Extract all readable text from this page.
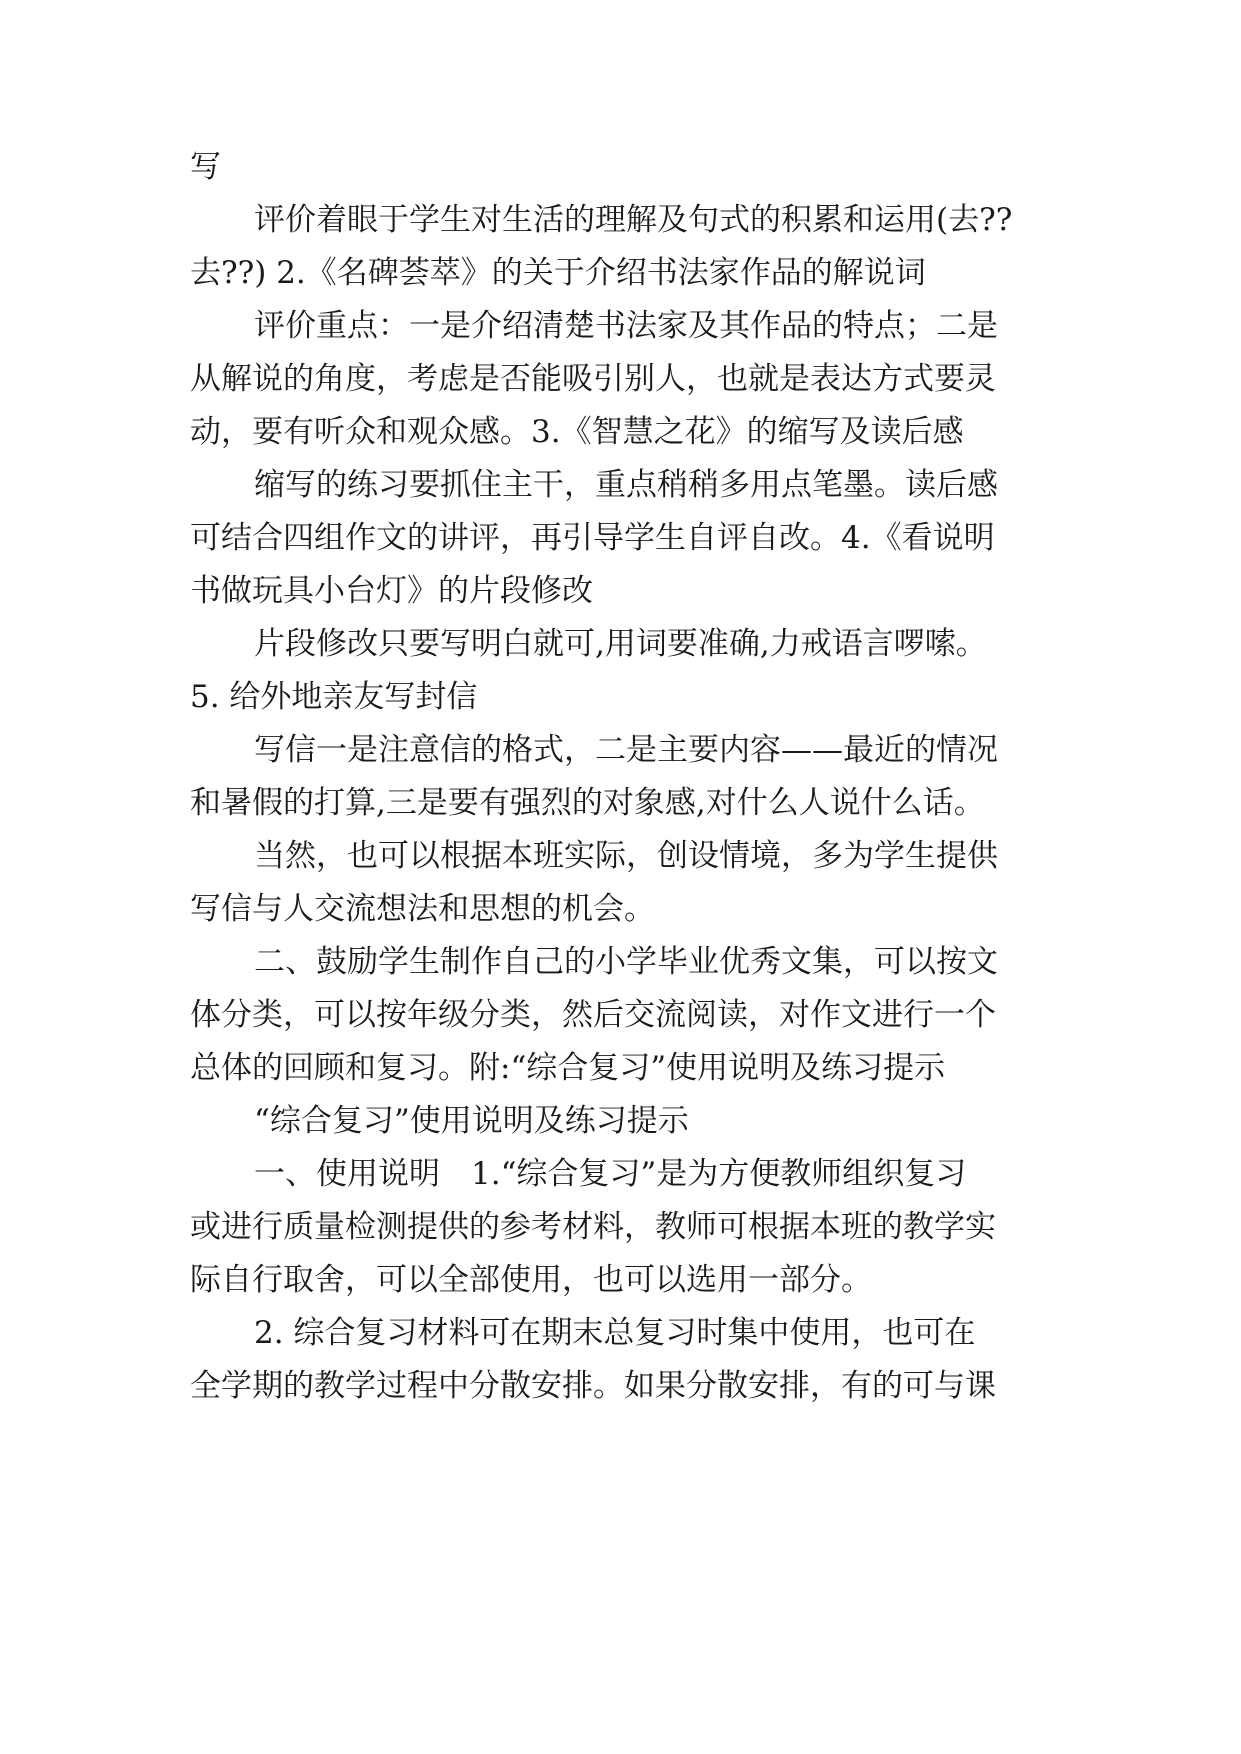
写
评价着眼于学生对生活的理解及句式的积累和运用(去??
去??) 2.《名碑荟萃》的关于介绍书法家作品的解说词
评价重点：一是介绍清楚书法家及其作品的特点；二是
从解说的角度，考虑是否能吸引别人，也就是表达方式要灵
动，要有听众和观众感。3.《智慧之花》的缩写及读后感
缩写的练习要抓住主干，重点稍稍多用点笔墨。读后感
可结合四组作文的讲评，再引导学生自评自改。4.《看说明
书做玩具小台灯》的片段修改
片段修改只要写明白就可,用词要准确,力戒语言啰嗦。
5. 给外地亲友写封信
写信一是注意信的格式，二是主要内容——最近的情况
和暑假的打算,三是要有强烈的对象感,对什么人说什么话。
当然，也可以根据本班实际，创设情境，多为学生提供
写信与人交流想法和思想的机会。
二、鼓励学生制作自己的小学毕业优秀文集，可以按文
体分类，可以按年级分类，然后交流阅读，对作文进行一个
总体的回顾和复习。附:“综合复习”使用说明及练习提示
“综合复习”使用说明及练习提示
一、使用说明　1.“综合复习”是为方便教师组织复习
或进行质量检测提供的参考材料，教师可根据本班的教学实
际自行取舍，可以全部使用，也可以选用一部分。
2. 综合复习材料可在期末总复习时集中使用，也可在
全学期的教学过程中分散安排。如果分散安排，有的可与课
